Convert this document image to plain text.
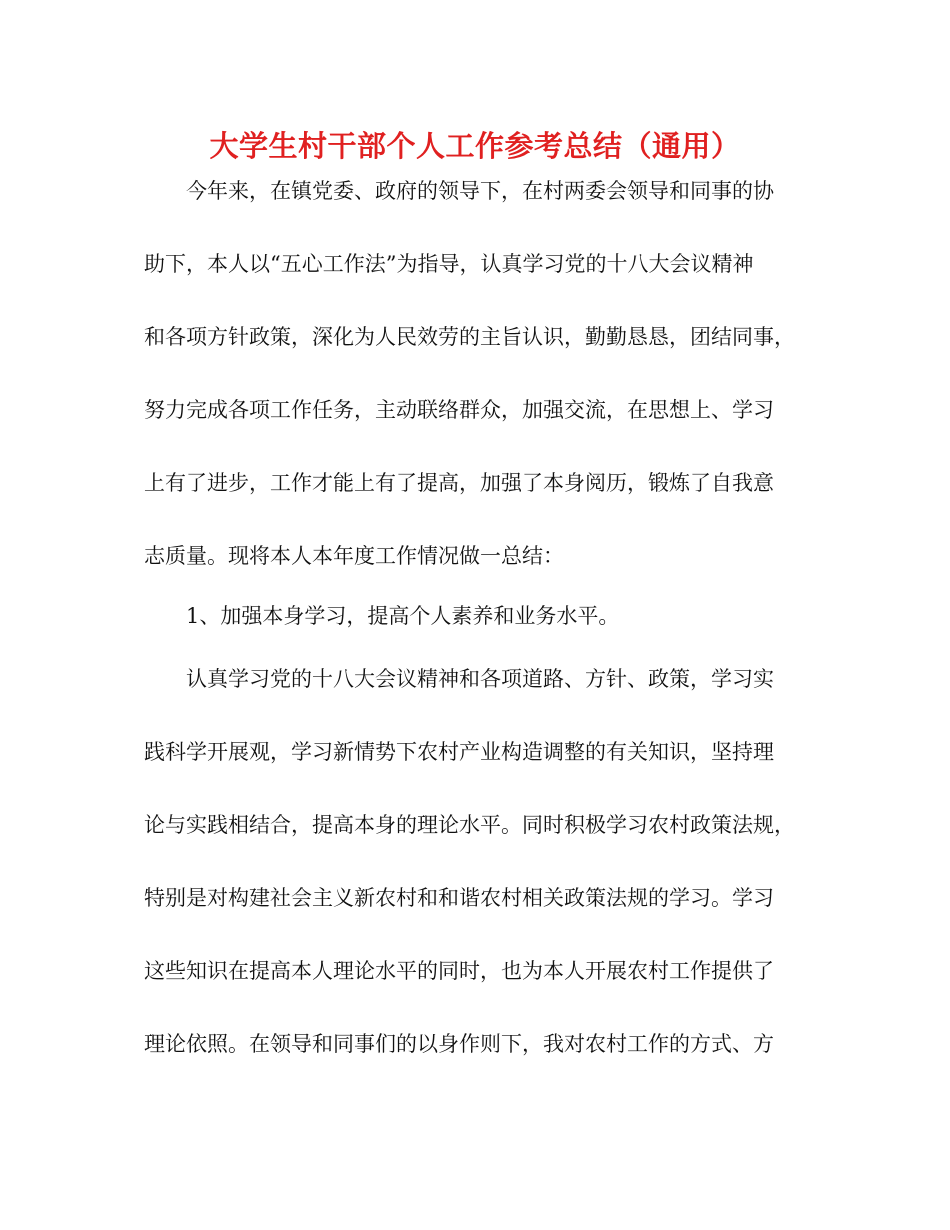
大学生村干部个人工作参考总结（通用）

今年来，在镇党委、政府的领导下，在村两委会领导和同事的协

助下，本人以“五心工作法”为指导，认真学习党的十八大会议精神

和各项方针政策，深化为人民效劳的主旨认识，勤勤恳恳，团结同事，

努力完成各项工作任务，主动联络群众，加强交流，在思想上、学习

上有了进步，工作才能上有了提高，加强了本身阅历，锻炼了自我意

志质量。现将本人本年度工作情况做一总结：

1、加强本身学习，提高个人素养和业务水平。

认真学习党的十八大会议精神和各项道路、方针、政策，学习实

践科学开展观，学习新情势下农村产业构造调整的有关知识，坚持理

论与实践相结合，提高本身的理论水平。同时积极学习农村政策法规，

特别是对构建社会主义新农村和和谐农村相关政策法规的学习。学习

这些知识在提高本人理论水平的同时，也为本人开展农村工作提供了

理论依照。在领导和同事们的以身作则下，我对农村工作的方式、方
